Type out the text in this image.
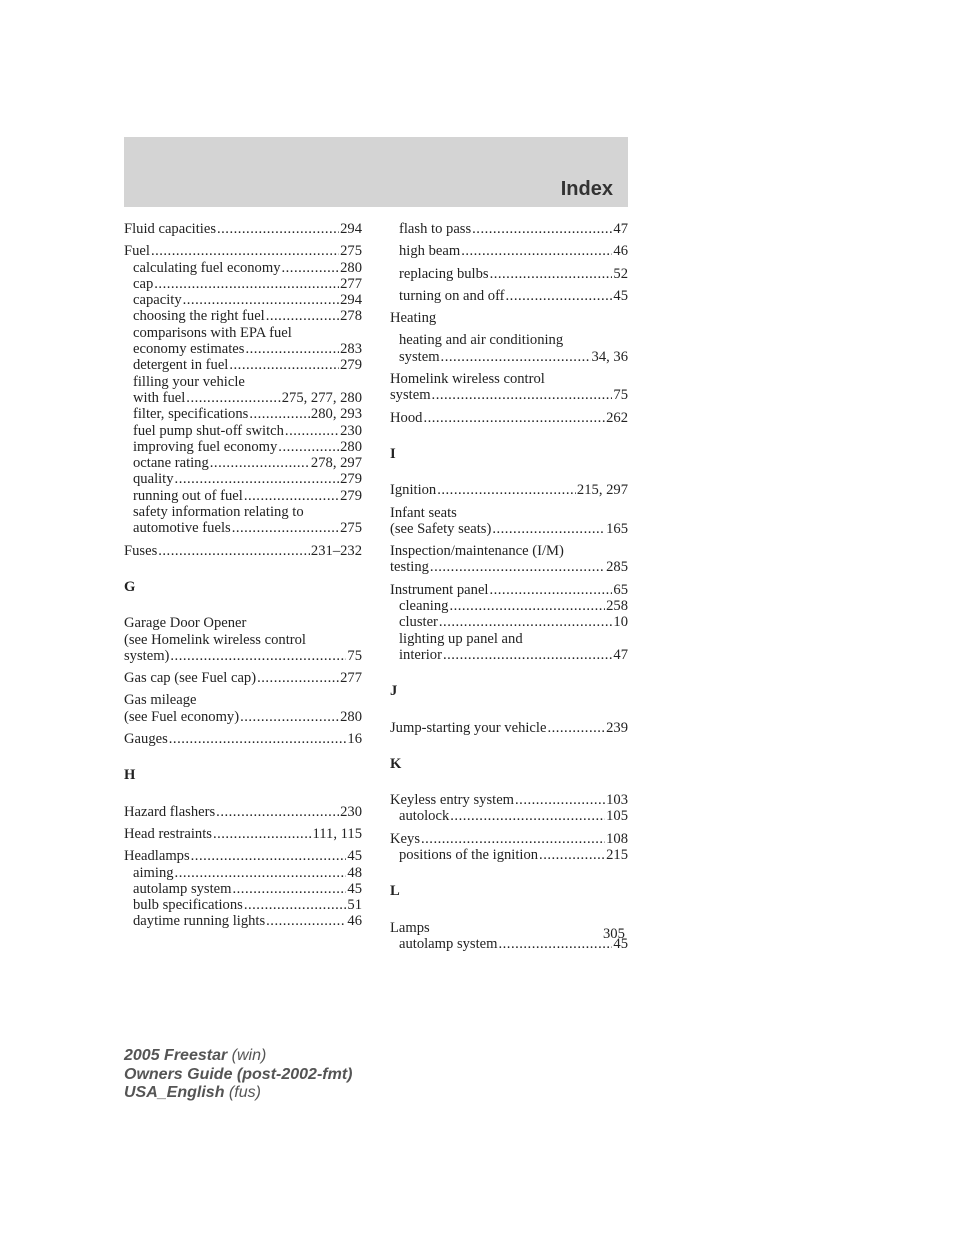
Index
Fluid capacities .....	294
Fuel .....	275
calculating fuel economy .....	280
cap .....	277
capacity .....	294
choosing the right fuel .....	278
comparisons with EPA fuel
economy estimates .....	283
detergent in fuel .....	279
filling your vehicle
with fuel .....	275, 277, 280
filter, specifications .....	280, 293
fuel pump shut-off switch .....	230
improving fuel economy .....	280
octane rating .....	278, 297
quality .....	279
running out of fuel .....	279
safety information relating to
automotive fuels .....	275
Fuses .....	231–232
G
Garage Door Opener
(see Homelink wireless control
system) .....	75
Gas cap (see Fuel cap) .....	277
Gas mileage
(see Fuel economy) .....	280
Gauges .....	16
H
Hazard flashers .....	230
Head restraints .....	111, 115
Headlamps .....	45
aiming .....	48
autolamp system .....	45
bulb specifications .....	51
daytime running lights .....	46
flash to pass .....	47
high beam .....	46
replacing bulbs .....	52
turning on and off .....	45
Heating
heating and air conditioning
system .....	34, 36
Homelink wireless control
system .....	75
Hood .....	262
I
Ignition .....	215, 297
Infant seats
(see Safety seats) .....	165
Inspection/maintenance (I/M)
testing .....	285
Instrument panel .....	65
cleaning .....	258
cluster .....	10
lighting up panel and
interior .....	47
J
Jump-starting your vehicle .....	239
K
Keyless entry system .....	103
autolock .....	105
Keys .....	108
positions of the ignition .....	215
L
Lamps
autolamp system .....	45
305
2005 Freestar (win)
Owners Guide (post-2002-fmt)
USA_English (fus)
